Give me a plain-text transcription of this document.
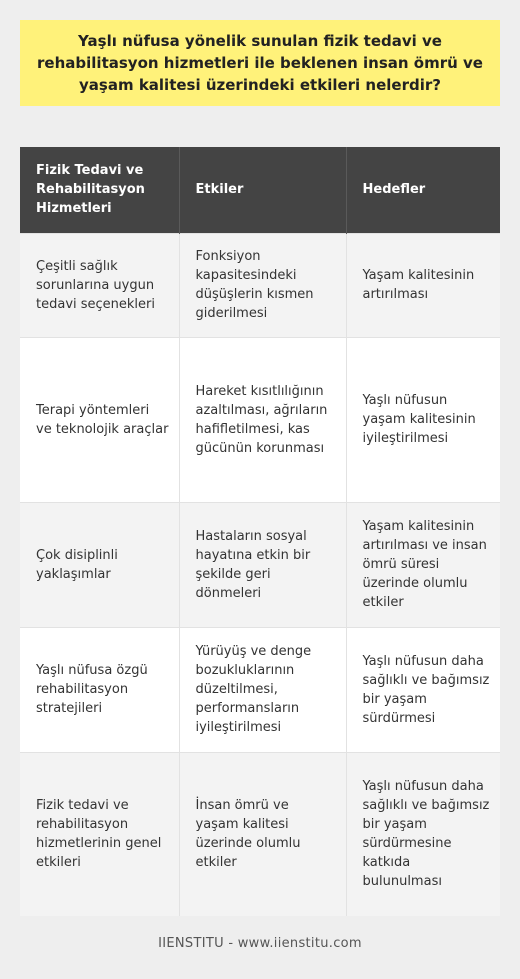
Yaşlı nüfusa yönelik sunulan fizik tedavi ve rehabilitasyon hizmetleri ile beklenen insan ömrü ve yaşam kalitesi üzerindeki etkileri nelerdir?
Fizik Tedavi ve Rehabilitasyon Hizmetleri	Etkiler	Hedefler
Çeşitli sağlık sorunlarına uygun tedavi seçenekleri	Fonksiyon kapasitesindeki düşüşlerin kısmen giderilmesi	Yaşam kalitesinin artırılması
Terapi yöntemleri ve teknolojik araçlar	Hareket kısıtlılığının azaltılması, ağrıların hafifletilmesi, kas gücünün korunması	Yaşlı nüfusun yaşam kalitesinin iyileştirilmesi
Çok disiplinli yaklaşımlar	Hastaların sosyal hayatına etkin bir şekilde geri dönmeleri	Yaşam kalitesinin artırılması ve insan ömrü süresi üzerinde olumlu etkiler
Yaşlı nüfusa özgü rehabilitasyon stratejileri	Yürüyüş ve denge bozukluklarının düzeltilmesi, performansların iyileştirilmesi	Yaşlı nüfusun daha sağlıklı ve bağımsız bir yaşam sürdürmesi
Fizik tedavi ve rehabilitasyon hizmetlerinin genel etkileri	İnsan ömrü ve yaşam kalitesi üzerinde olumlu etkiler	Yaşlı nüfusun daha sağlıklı ve bağımsız bir yaşam sürdürmesine katkıda bulunulması
IIENSTITU - www.iienstitu.com
